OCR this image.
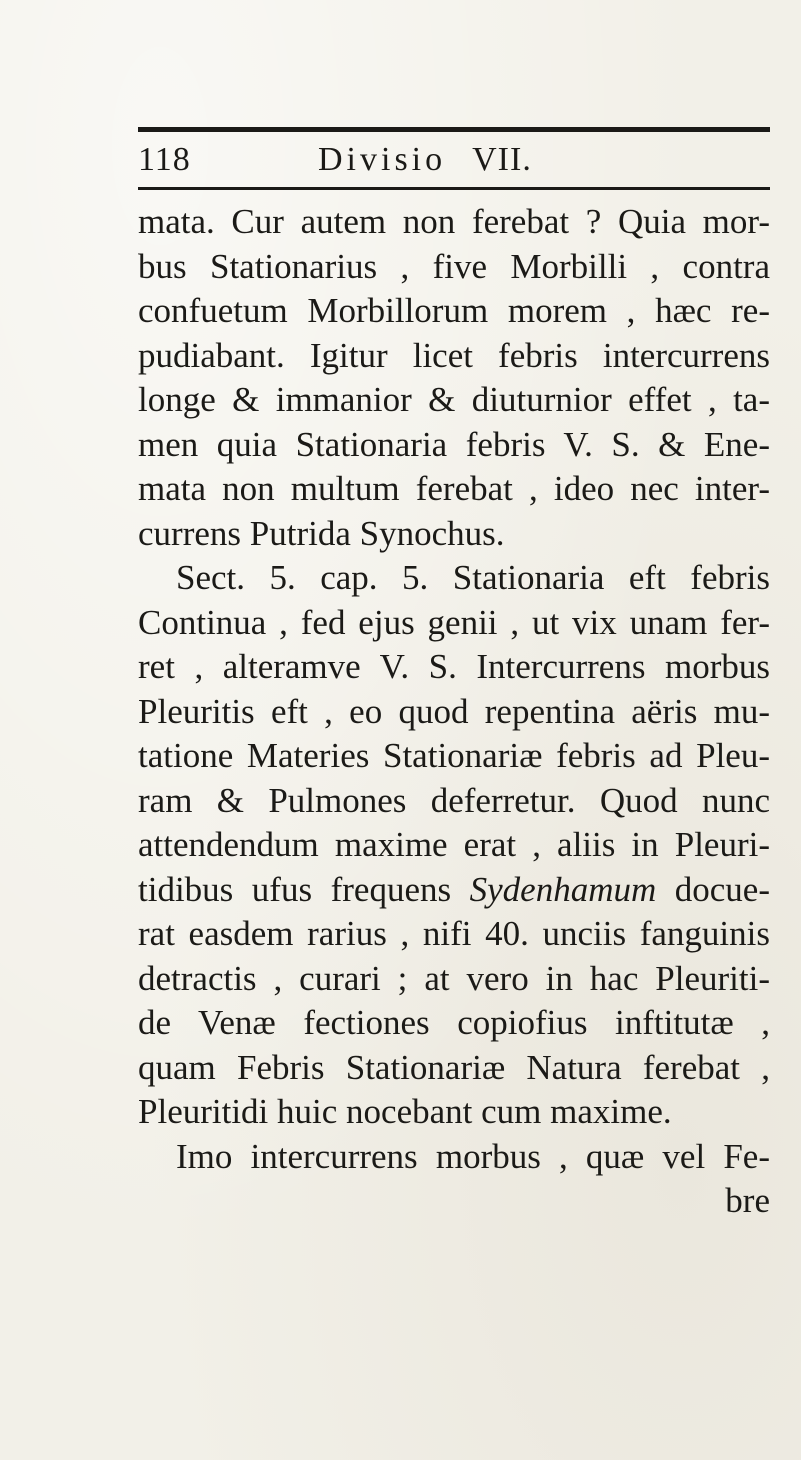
118	Divisio VII.
mata. Cur autem non ferebat ? Quia mor-
bus Stationarius , five Morbilli , contra
confuetum Morbillorum morem , hæc re-
pudiabant. Igitur licet febris intercurrens
longe & immanior & diuturnior effet , ta-
men quia Stationaria febris V. S. & Ene-
mata non multum ferebat , ideo nec inter-
currens Putrida Synochus.
Sect. 5. cap. 5. Stationaria eft febris
Continua , fed ejus genii , ut vix unam fer-
ret , alteramve V. S. Intercurrens morbus
Pleuritis eft , eo quod repentina aëris mu-
tatione Materies Stationariæ febris ad Pleu-
ram & Pulmones deferretur. Quod nunc
attendendum maxime erat , aliis in Pleuri-
tidibus ufus frequens Sydenhamum docue-
rat easdem rarius , nifi 40. unciis fanguinis
detractis , curari ; at vero in hac Pleuriti-
de Venæ fectiones copiofius inftitutæ ,
quam Febris Stationariæ Natura ferebat ,
Pleuritidi huic nocebant cum maxime.
Imo intercurrens morbus , quæ vel Fe-
bre
